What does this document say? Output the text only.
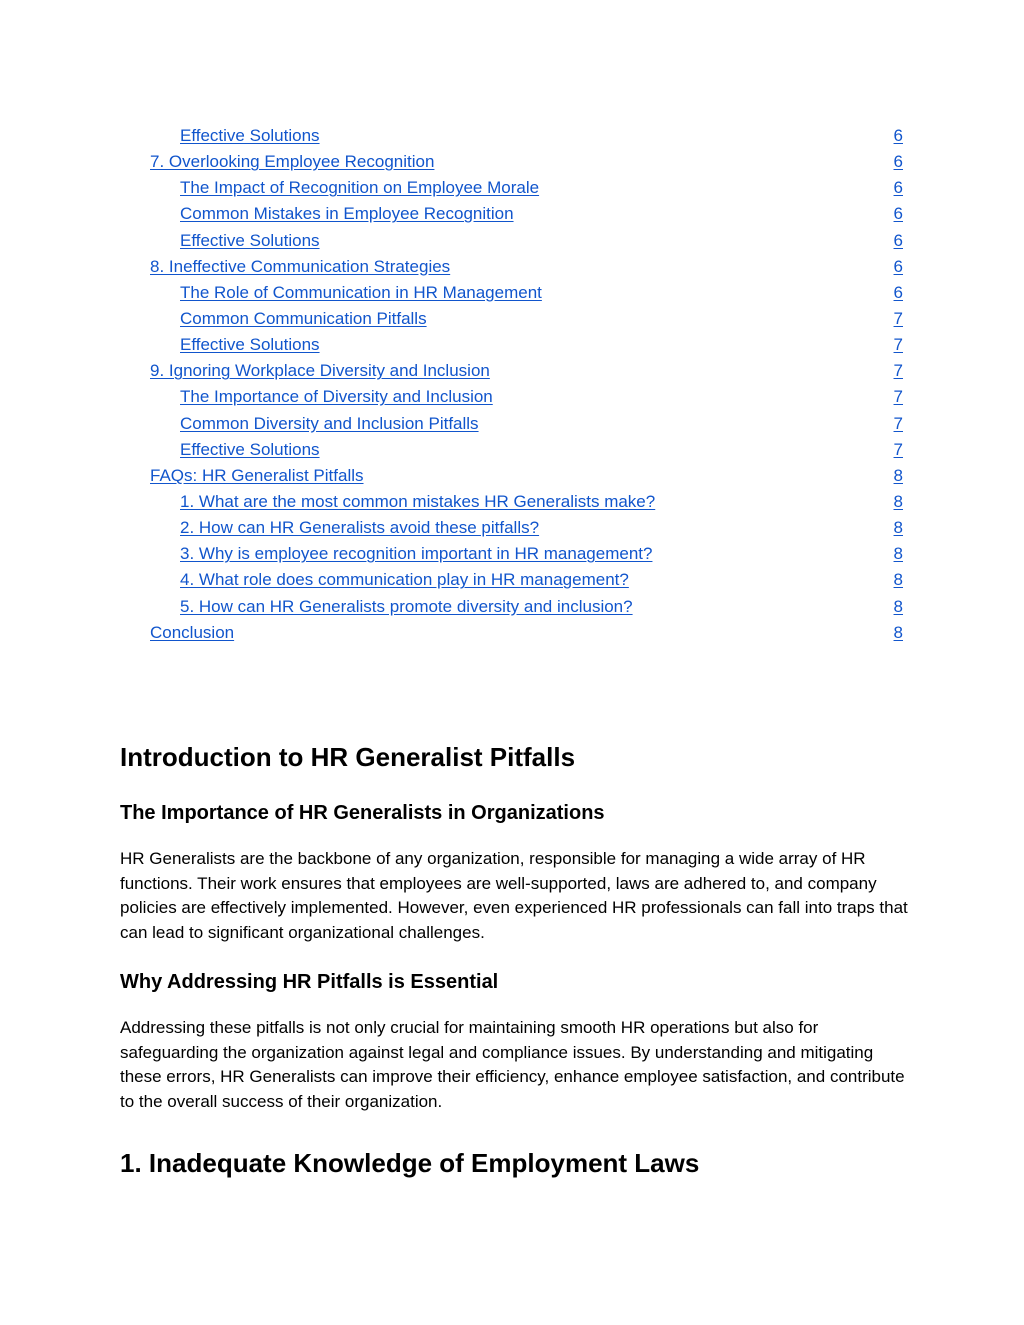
Effective Solutions	6
7. Overlooking Employee Recognition	6
The Impact of Recognition on Employee Morale	6
Common Mistakes in Employee Recognition	6
Effective Solutions	6
8. Ineffective Communication Strategies	6
The Role of Communication in HR Management	6
Common Communication Pitfalls	7
Effective Solutions	7
9. Ignoring Workplace Diversity and Inclusion	7
The Importance of Diversity and Inclusion	7
Common Diversity and Inclusion Pitfalls	7
Effective Solutions	7
FAQs: HR Generalist Pitfalls	8
1. What are the most common mistakes HR Generalists make?	8
2. How can HR Generalists avoid these pitfalls?	8
3. Why is employee recognition important in HR management?	8
4. What role does communication play in HR management?	8
5. How can HR Generalists promote diversity and inclusion?	8
Conclusion	8
Introduction to HR Generalist Pitfalls
The Importance of HR Generalists in Organizations

HR Generalists are the backbone of any organization, responsible for managing a wide array of HR functions. Their work ensures that employees are well-supported, laws are adhered to, and company policies are effectively implemented. However, even experienced HR professionals can fall into traps that can lead to significant organizational challenges.

Why Addressing HR Pitfalls is Essential

Addressing these pitfalls is not only crucial for maintaining smooth HR operations but also for safeguarding the organization against legal and compliance issues. By understanding and mitigating these errors, HR Generalists can improve their efficiency, enhance employee satisfaction, and contribute to the overall success of their organization.

1. Inadequate Knowledge of Employment Laws
